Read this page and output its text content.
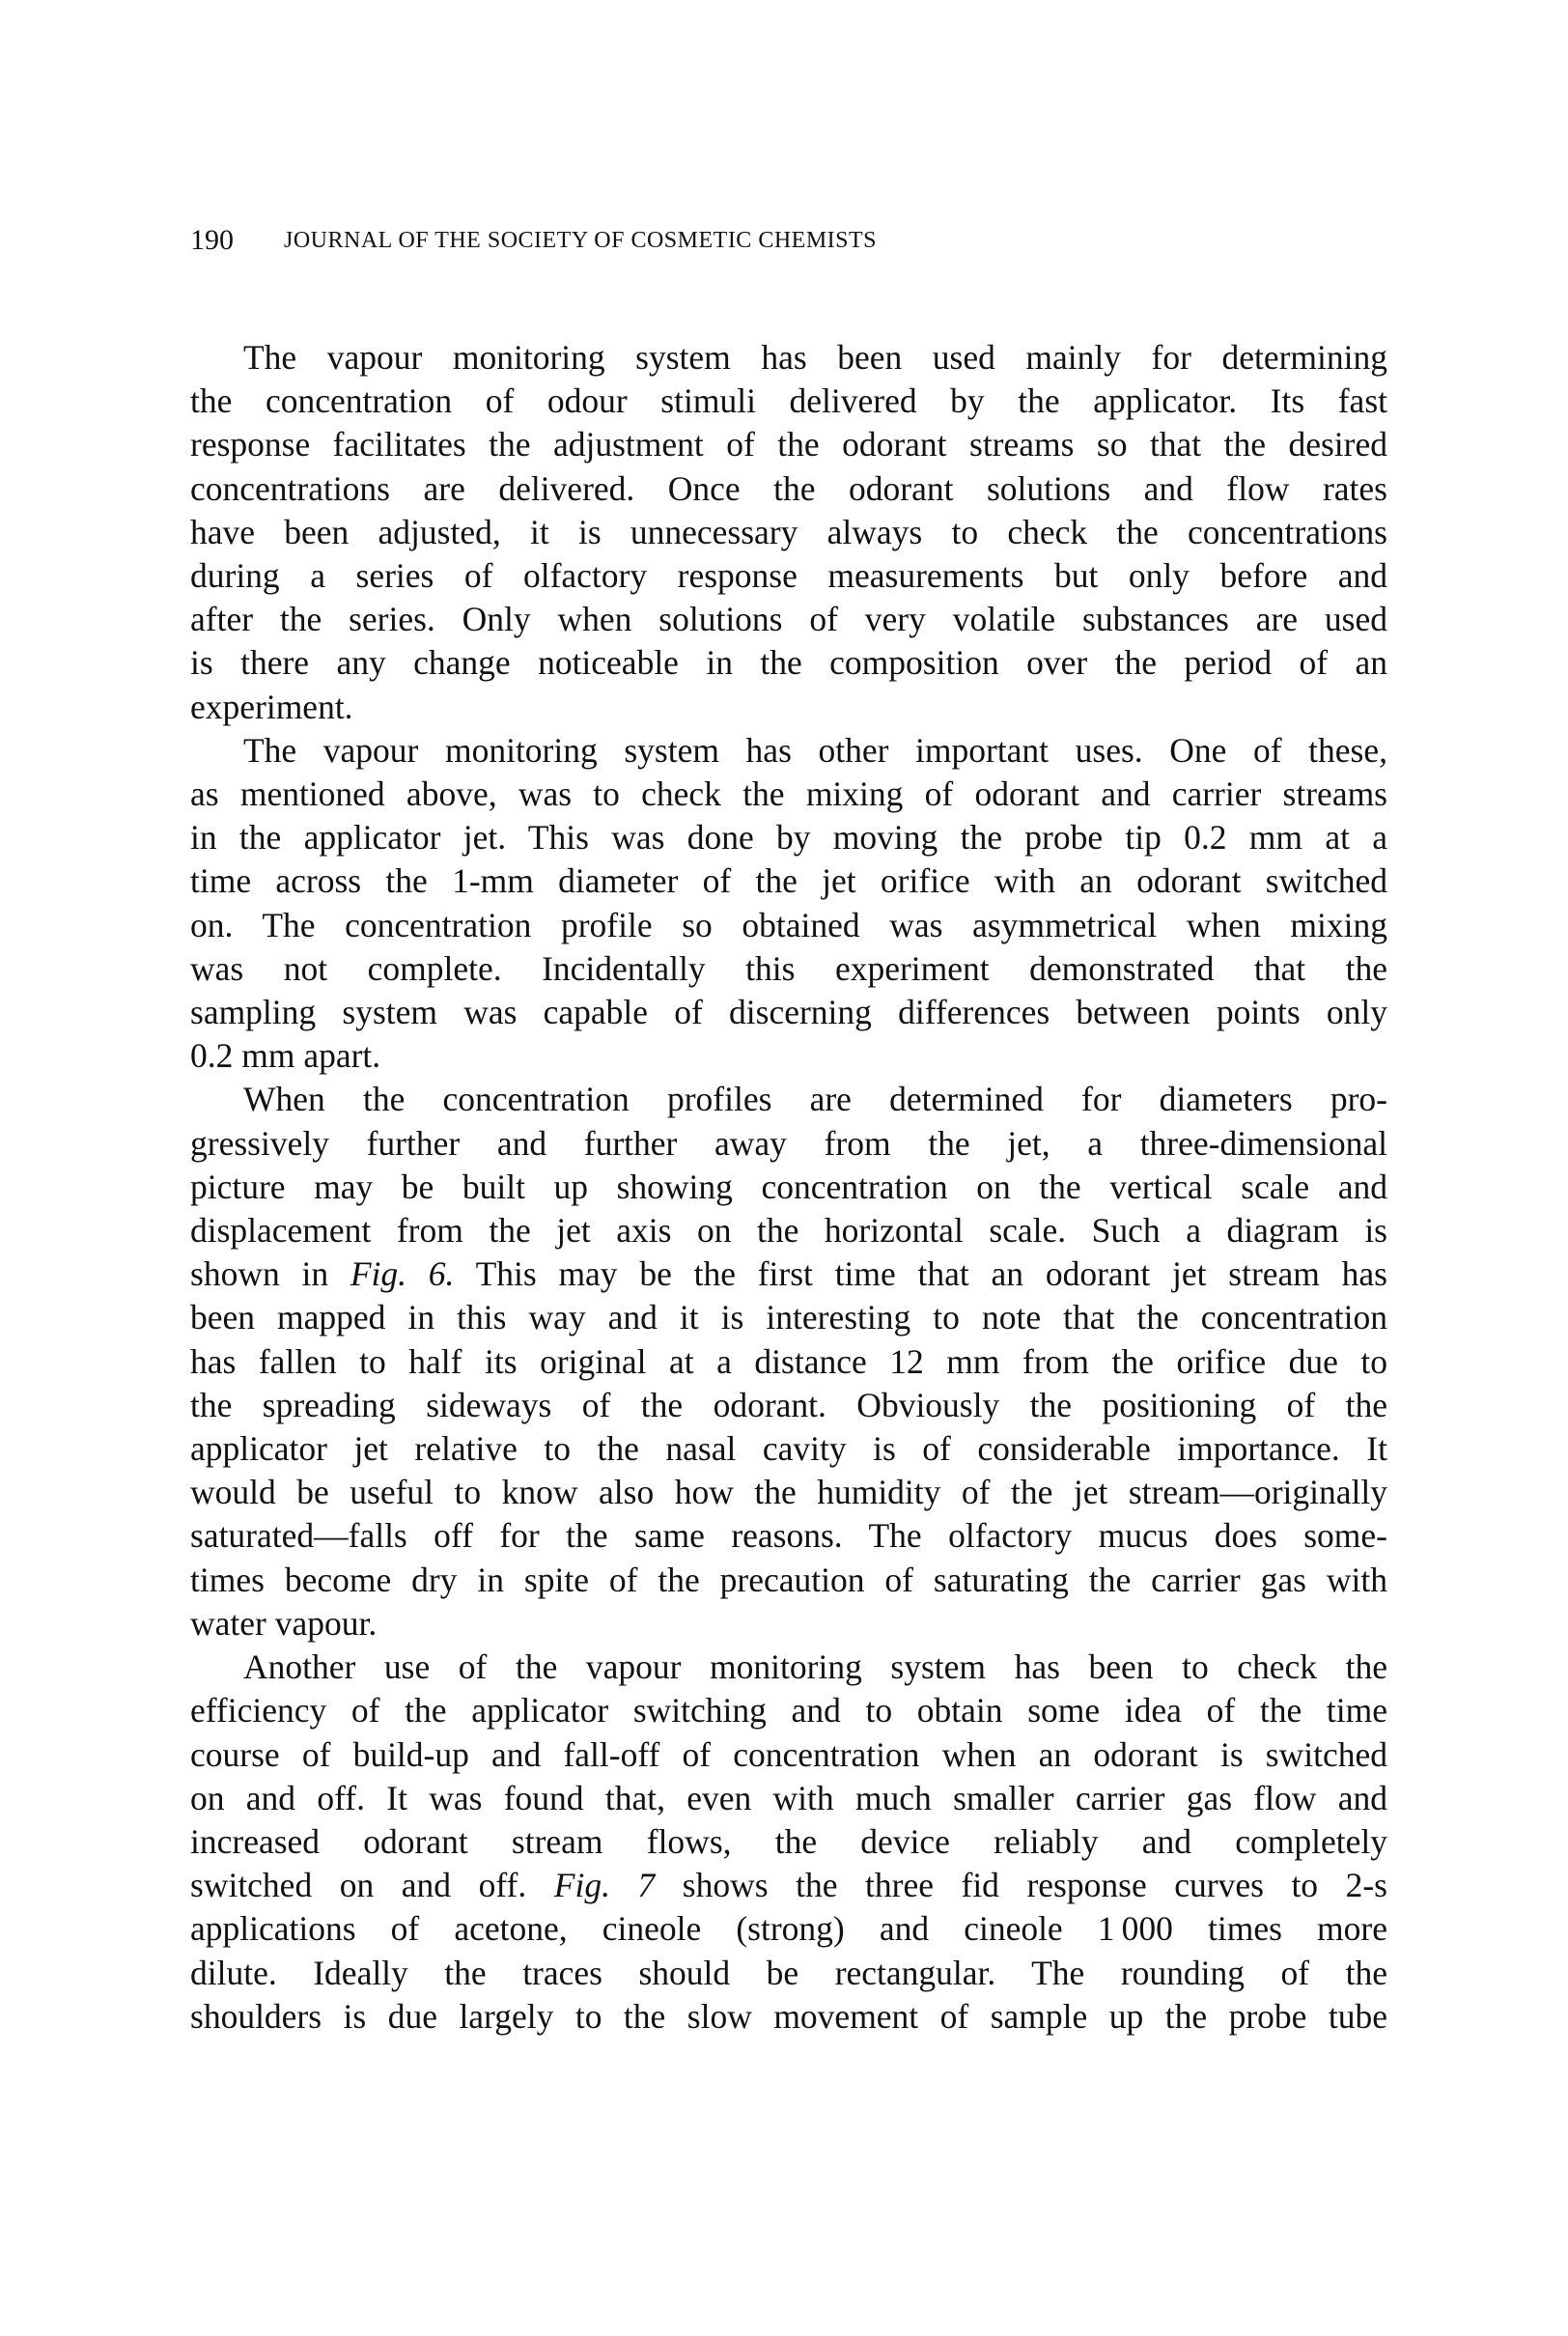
190 JOURNAL OF THE SOCIETY OF COSMETIC CHEMISTS
The vapour monitoring system has been used mainly for determining
the concentration of odour stimuli delivered by the applicator. Its fast
response facilitates the adjustment of the odorant streams so that the desired
concentrations are delivered. Once the odorant solutions and flow rates
have been adjusted, it is unnecessary always to check the concentrations
during a series of olfactory response measurements but only before and
after the series. Only when solutions of very volatile substances are used
is there any change noticeable in the composition over the period of an
experiment.
The vapour monitoring system has other important uses. One of these,
as mentioned above, was to check the mixing of odorant and carrier streams
in the applicator jet. This was done by moving the probe tip 0.2 mm at a
time across the 1-mm diameter of the jet orifice with an odorant switched
on. The concentration profile so obtained was asymmetrical when mixing
was not complete. Incidentally this experiment demonstrated that the
sampling system was capable of discerning differences between points only
0.2 mm apart.
When the concentration profiles are determined for diameters pro-
gressively further and further away from the jet, a three-dimensional
picture may be built up showing concentration on the vertical scale and
displacement from the jet axis on the horizontal scale. Such a diagram is
shown in Fig. 6. This may be the first time that an odorant jet stream has
been mapped in this way and it is interesting to note that the concentration
has fallen to half its original at a distance 12 mm from the orifice due to
the spreading sideways of the odorant. Obviously the positioning of the
applicator jet relative to the nasal cavity is of considerable importance. It
would be useful to know also how the humidity of the jet stream—originally
saturated—falls off for the same reasons. The olfactory mucus does some-
times become dry in spite of the precaution of saturating the carrier gas with
water vapour.
Another use of the vapour monitoring system has been to check the
efficiency of the applicator switching and to obtain some idea of the time
course of build-up and fall-off of concentration when an odorant is switched
on and off. It was found that, even with much smaller carrier gas flow and
increased odorant stream flows, the device reliably and completely
switched on and off. Fig. 7 shows the three fid response curves to 2-s
applications of acetone, cineole (strong) and cineole 1 000 times more
dilute. Ideally the traces should be rectangular. The rounding of the
shoulders is due largely to the slow movement of sample up the probe tube
